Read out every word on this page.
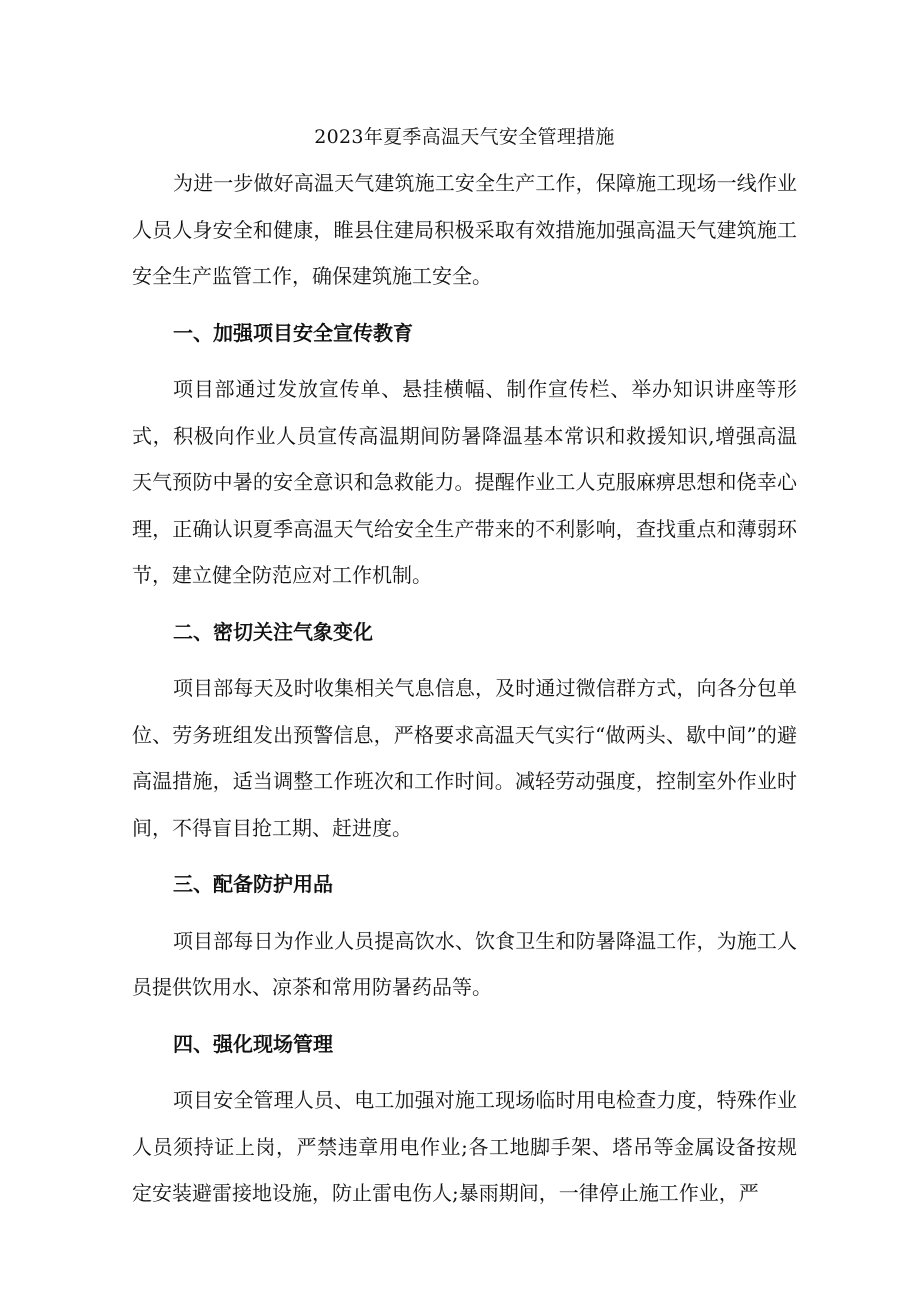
2023年夏季高温天气安全管理措施

为进一步做好高温天气建筑施工安全生产工作，保障施工现场一线作业人员人身安全和健康，睢县住建局积极采取有效措施加强高温天气建筑施工安全生产监管工作，确保建筑施工安全。

一、加强项目安全宣传教育

项目部通过发放宣传单、悬挂横幅、制作宣传栏、举办知识讲座等形式，积极向作业人员宣传高温期间防暑降温基本常识和救援知识,增强高温天气预防中暑的安全意识和急救能力。提醒作业工人克服麻痹思想和侥幸心理，正确认识夏季高温天气给安全生产带来的不利影响，查找重点和薄弱环节，建立健全防范应对工作机制。

二、密切关注气象变化

项目部每天及时收集相关气息信息，及时通过微信群方式，向各分包单位、劳务班组发出预警信息，严格要求高温天气实行“做两头、歇中间”的避高温措施，适当调整工作班次和工作时间。减轻劳动强度，控制室外作业时间，不得盲目抢工期、赶进度。

三、配备防护用品

项目部每日为作业人员提高饮水、饮食卫生和防暑降温工作，为施工人员提供饮用水、凉茶和常用防暑药品等。

四、强化现场管理

项目安全管理人员、电工加强对施工现场临时用电检查力度，特殊作业人员须持证上岗，严禁违章用电作业;各工地脚手架、塔吊等金属设备按规定安装避雷接地设施，防止雷电伤人;暴雨期间，一律停止施工作业，严
